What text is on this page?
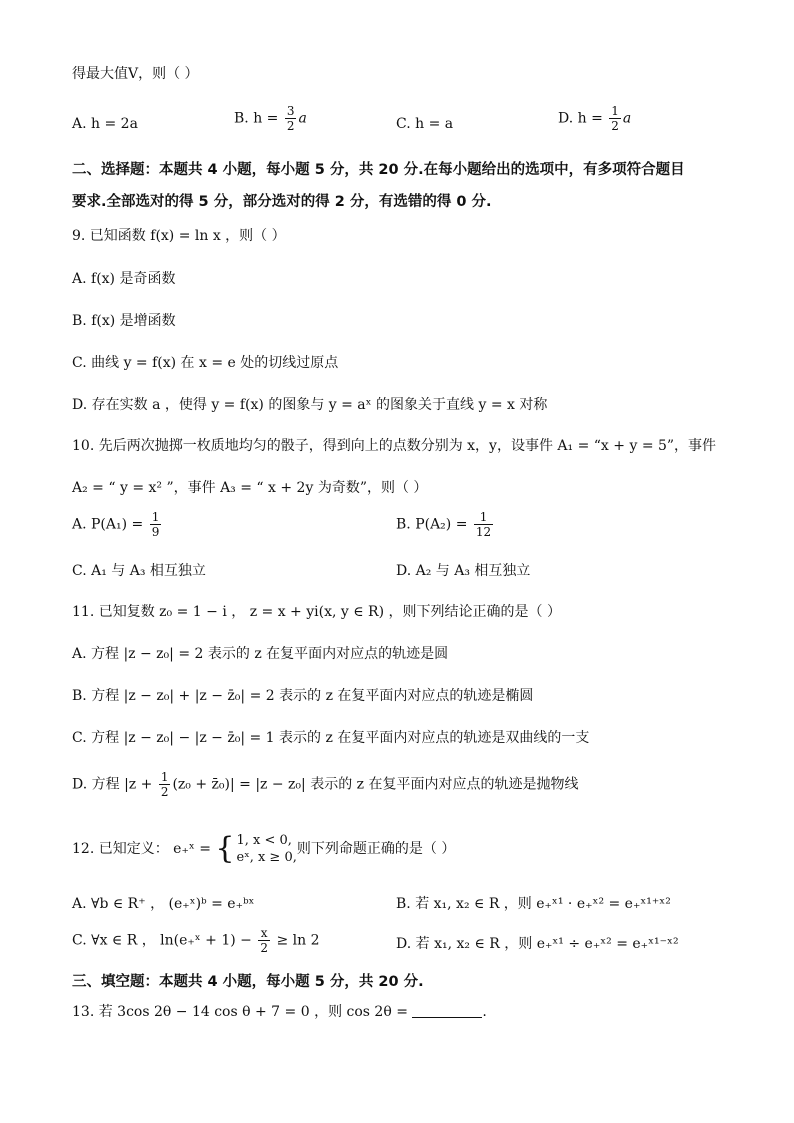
得最大值V，则（ ）
A. h = 2a	B. $h = \frac{3}{2}$ a	C. h = a	D. $h = \frac{1}{2}$ a
二、选择题：本题共 4 小题，每小题 5 分，共 20 分.在每小题给出的选项中，有多项符合题目
要求.全部选对的得 5 分，部分选对的得 2 分，有选错的得 0 分.
9. 已知函数 f(x) = ln x ，则（ ）
A. f(x) 是奇函数
B. f(x) 是增函数
C. 曲线 y = f(x) 在 x = e 处的切线过原点
D. 存在实数 a ，使得 y = f(x) 的图象与 y = aˣ 的图象关于直线 y = x 对称
10. 先后两次抛掷一枚质地均匀的骰子，得到向上的点数分别为 x，y，设事件 A₁ = “x + y = 5”，事件
A₂ = “ y = x² ”，事件 A₃ = “ x + 2y 为奇数”，则（ ）
A. $P(A_1) = \frac{1}{9}$	B. $P(A_2) = \frac{1}{12}$
C. A₁ 与 A₃ 相互独立	D. A₂ 与 A₃ 相互独立
11. 已知复数 z₀ = 1 − i ， z = x + yi(x, y ∈ R) ，则下列结论正确的是（ ）
A. 方程 |z − z₀| = 2 表示的 z 在复平面内对应点的轨迹是圆
B. 方程 |z − z₀| + |z − z̄₀| = 2 表示的 z 在复平面内对应点的轨迹是椭圆
C. 方程 |z − z₀| − |z − z̄₀| = 1 表示的 z 在复平面内对应点的轨迹是双曲线的一支
D. 方程 $|z + \frac{1}{2} (z_0$ + z̄₀)| = |z − z₀| 表示的 z 在复平面内对应点的轨迹是抛物线
12. 已知定义： e₊ˣ = { 1, x < 0,
eˣ, x ≥ 0,
则下列命题正确的是（ ）
A. ∀b ∈ R⁺ ， (e₊ˣ)ᵇ = e₊ᵇˣ	B. 若 x₁, x₂ ∈ R ，则 e₊ˣ¹ · e₊ˣ² = e₊ˣ¹⁺ˣ²
C. ∀x ∈ R ， ln(e₊ˣ + $1) - \frac{x}{2} \ge \ln 2$	D. 若 x₁, x₂ ∈ R ，则 e₊ˣ¹ ÷ e₊ˣ² = e₊ˣ¹⁻ˣ²
三、填空题：本题共 4 小题，每小题 5 分，共 20 分.
13. 若 3cos 2θ − 14 cos θ + 7 = 0 ，则 cos 2θ =	.
